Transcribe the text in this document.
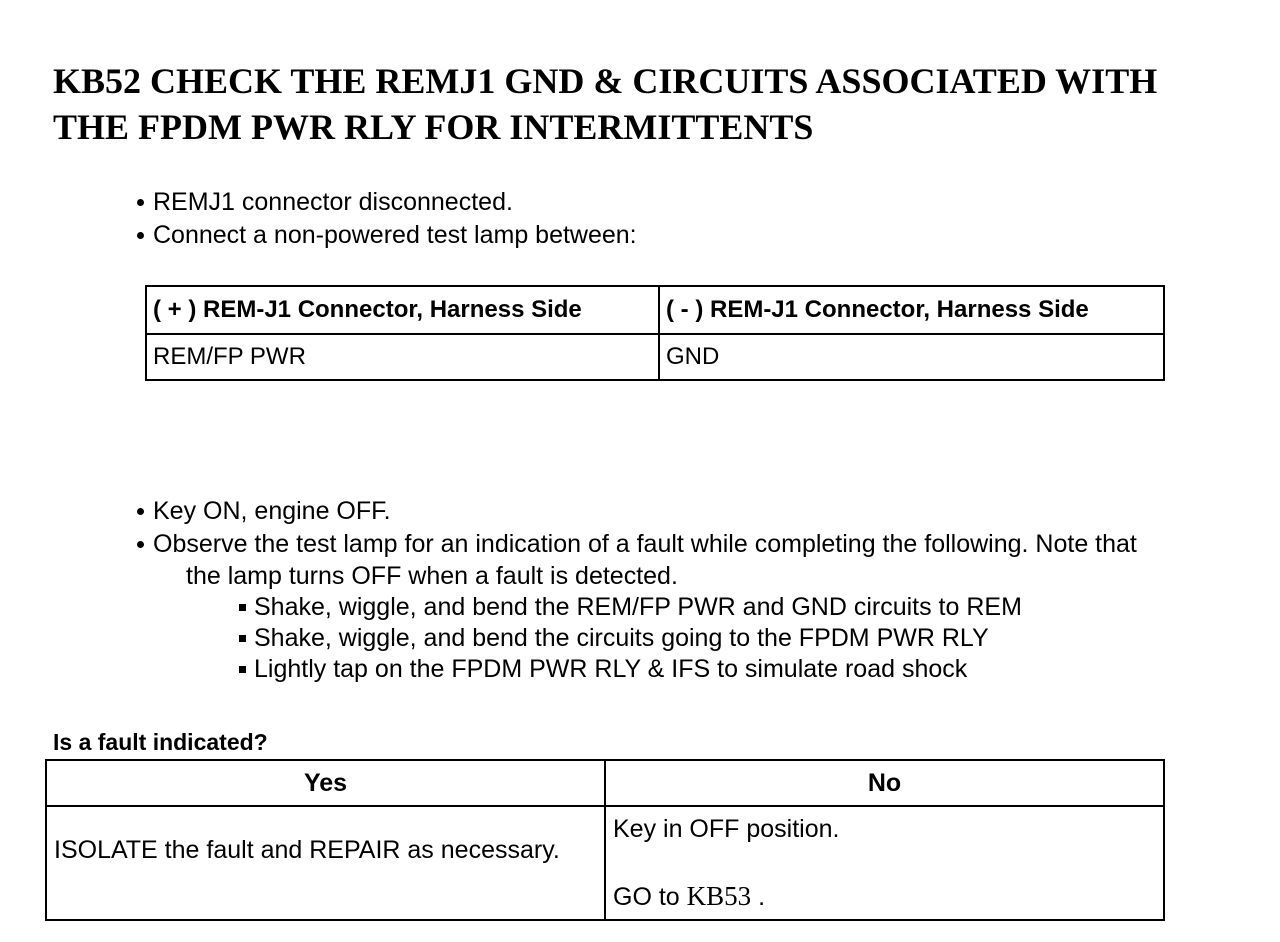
KB52 CHECK THE REMJ1 GND & CIRCUITS ASSOCIATED WITH
THE FPDM PWR RLY FOR INTERMITTENTS
REMJ1 connector disconnected.
Connect a non-powered test lamp between:
( + ) REM-J1 Connector, Harness Side	( - ) REM-J1 Connector, Harness Side
REM/FP PWR	GND
Key ON, engine OFF.
Observe the test lamp for an indication of a fault while completing the following. Note that
the lamp turns OFF when a fault is detected.
Shake, wiggle, and bend the REM/FP PWR and GND circuits to REM
Shake, wiggle, and bend the circuits going to the FPDM PWR RLY
Lightly tap on the FPDM PWR RLY & IFS to simulate road shock
Is a fault indicated?
Yes	No

ISOLATE the fault and REPAIR as necessary.	Key in OFF position.
GO to KB53 .
